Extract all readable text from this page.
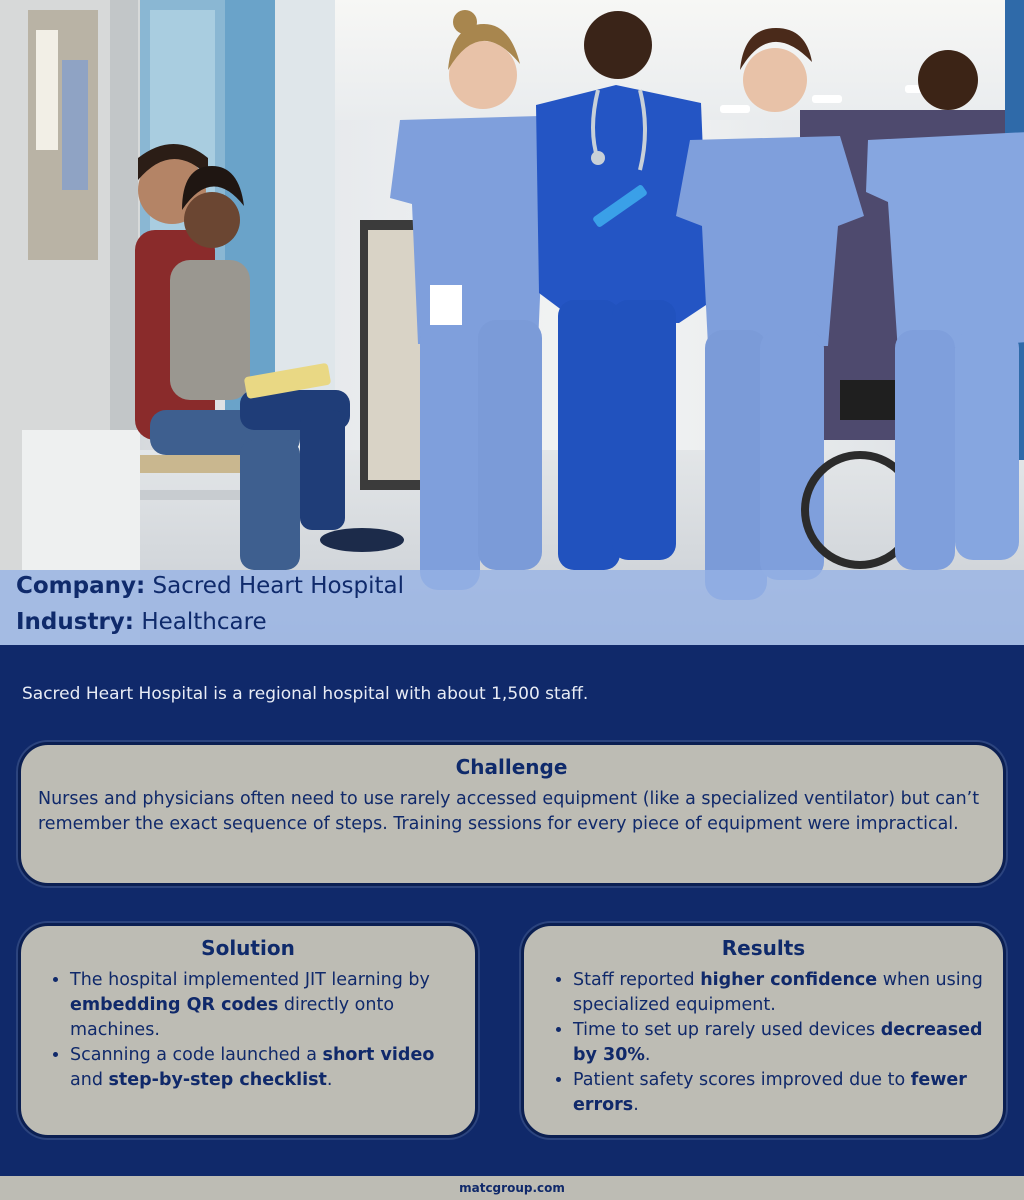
Company: Sacred Heart Hospital
Industry: Healthcare
Sacred Heart Hospital is a regional hospital with about 1,500 staff.
Challenge

Nurses and physicians often need to use rarely accessed equipment (like a specialized ventilator) but can’t remember the exact sequence of steps. Training sessions for every piece of equipment were impractical.

Solution
• The hospital implemented JIT learning by embedding QR codes directly onto machines.
• Scanning a code launched a short video and step-by-step checklist.
Results
• Staff reported higher confidence when using specialized equipment.
• Time to set up rarely used devices decreased by 30%.
• Patient safety scores improved due to fewer errors.
matcgroup.com
